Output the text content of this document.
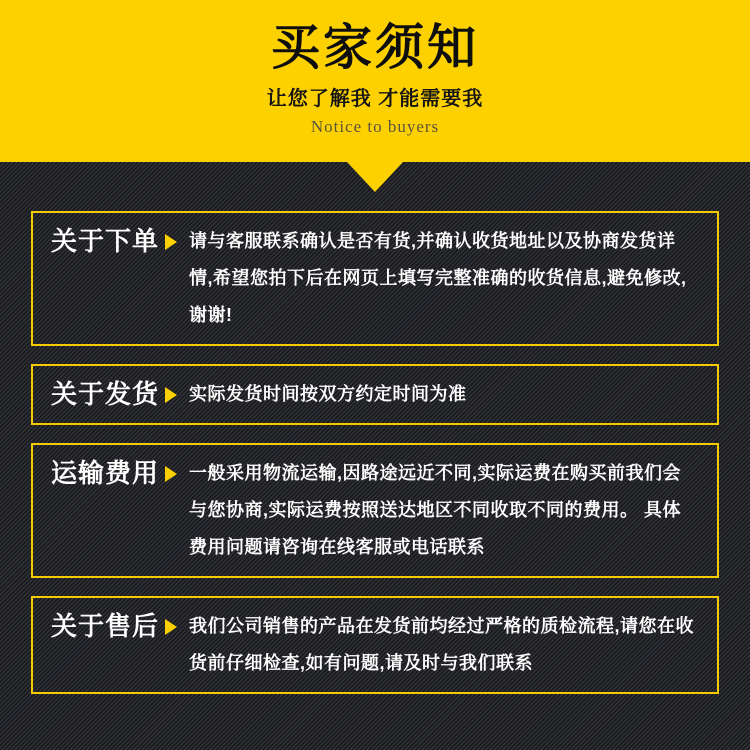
买家须知
让您了解我 才能需要我
Notice to buyers
关于下单 请与客服联系确认是否有货,并确认收货地址以及协商发货详情,希望您拍下后在网页上填写完整准确的收货信息,避免修改,谢谢!
关于发货 实际发货时间按双方约定时间为准
运输费用 一般采用物流运输,因路途远近不同,实际运费在购买前我们会与您协商,实际运费按照送达地区不同收取不同的费用。 具体费用问题请咨询在线客服或电话联系
关于售后 我们公司销售的产品在发货前均经过严格的质检流程,请您在收货前仔细检查,如有问题,请及时与我们联系
